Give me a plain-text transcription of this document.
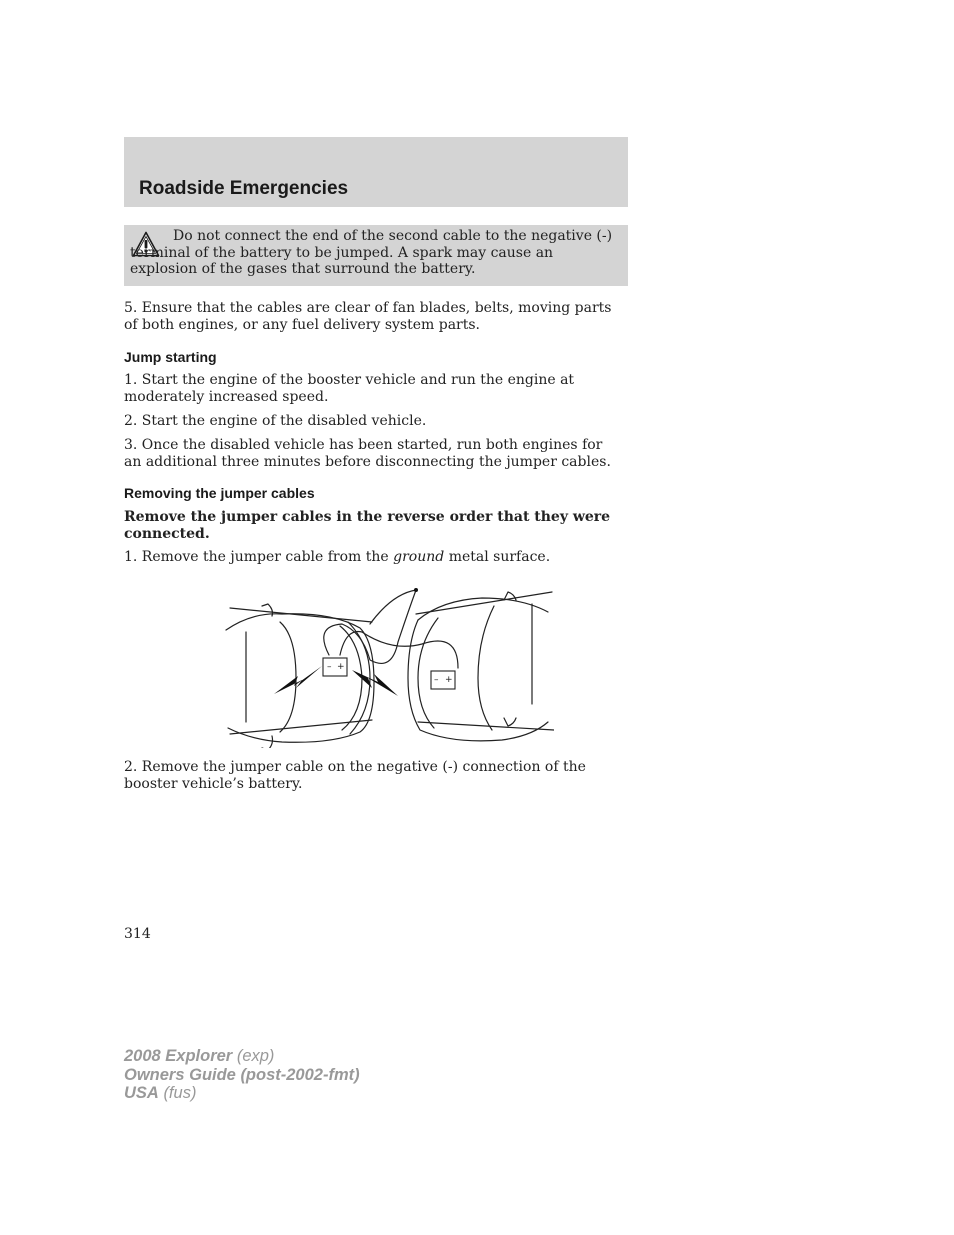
Roadside Emergencies

Do not connect the end of the second cable to the negative (-) terminal of the battery to be jumped. A spark may cause an explosion of the gases that surround the battery.

5. Ensure that the cables are clear of fan blades, belts, moving parts of both engines, or any fuel delivery system parts.

Jump starting

1. Start the engine of the booster vehicle and run the engine at moderately increased speed.

2. Start the engine of the disabled vehicle.

3. Once the disabled vehicle has been started, run both engines for an additional three minutes before disconnecting the jumper cables.

Removing the jumper cables

Remove the jumper cables in the reverse order that they were connected.

1. Remove the jumper cable from the ground metal surface.

– +
– +

2. Remove the jumper cable on the negative (-) connection of the booster vehicle’s battery.

314

2008 Explorer (exp)
Owners Guide (post-2002-fmt)
USA (fus)
